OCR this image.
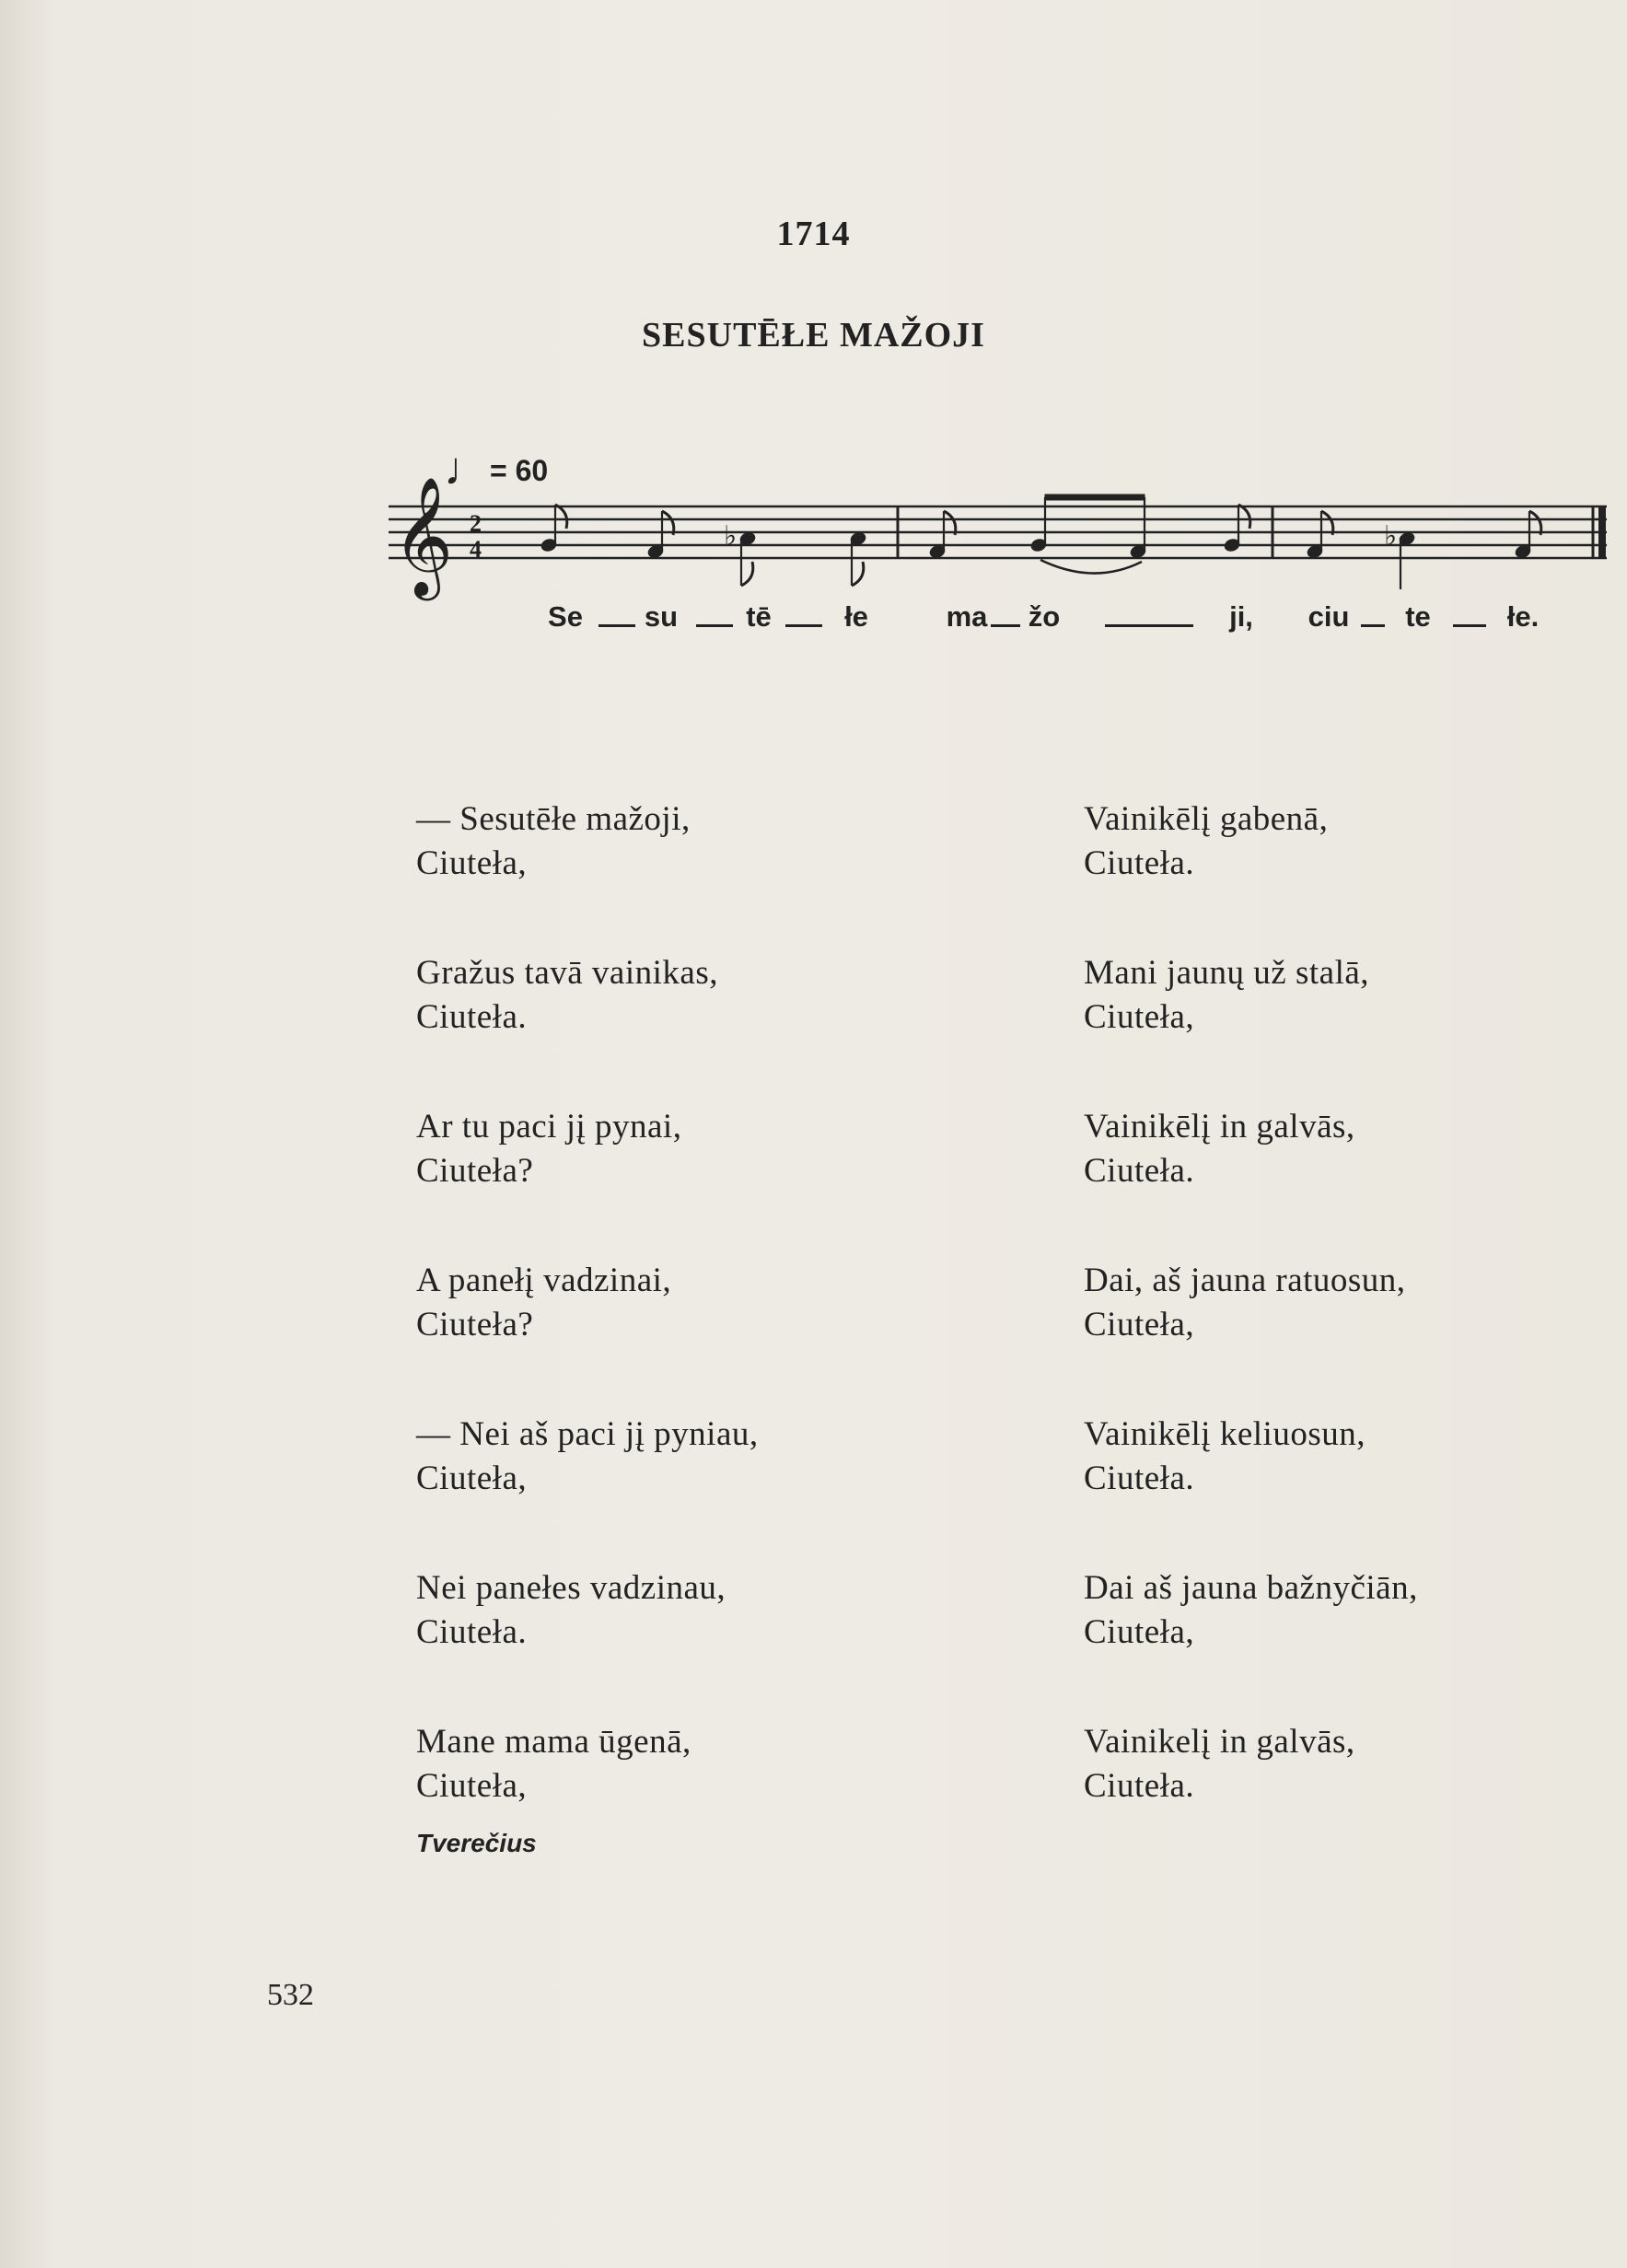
1714
SESUTĒŁE MAŽOJI
♩= 60
𝄞 2
4	♭	♭
Se su tē	łe	ma žo	ji, ciu te	łe.
— Sesutēłe mažoji,
Ciuteła,
Gražus tavā vainikas,
Ciuteła.
Ar tu paci jį pynai,
Ciuteła?
A panełį vadzinai,
Ciuteła?
— Nei aš paci jį pyniau,
Ciuteła,
Nei panełes vadzinau,
Ciuteła.
Mane mama ūgenā,
Ciuteła,
Vainikēlį gabenā,
Ciuteła.
Mani jaunų už stalā,
Ciuteła,
Vainikēlį in galvās,
Ciuteła.
Dai, aš jauna ratuosun,
Ciuteła,
Vainikēlį keliuosun,
Ciuteła.
Dai aš jauna bažnyčiān,
Ciuteła,
Vainikelį in galvās,
Ciuteła.
Tverečius
532
